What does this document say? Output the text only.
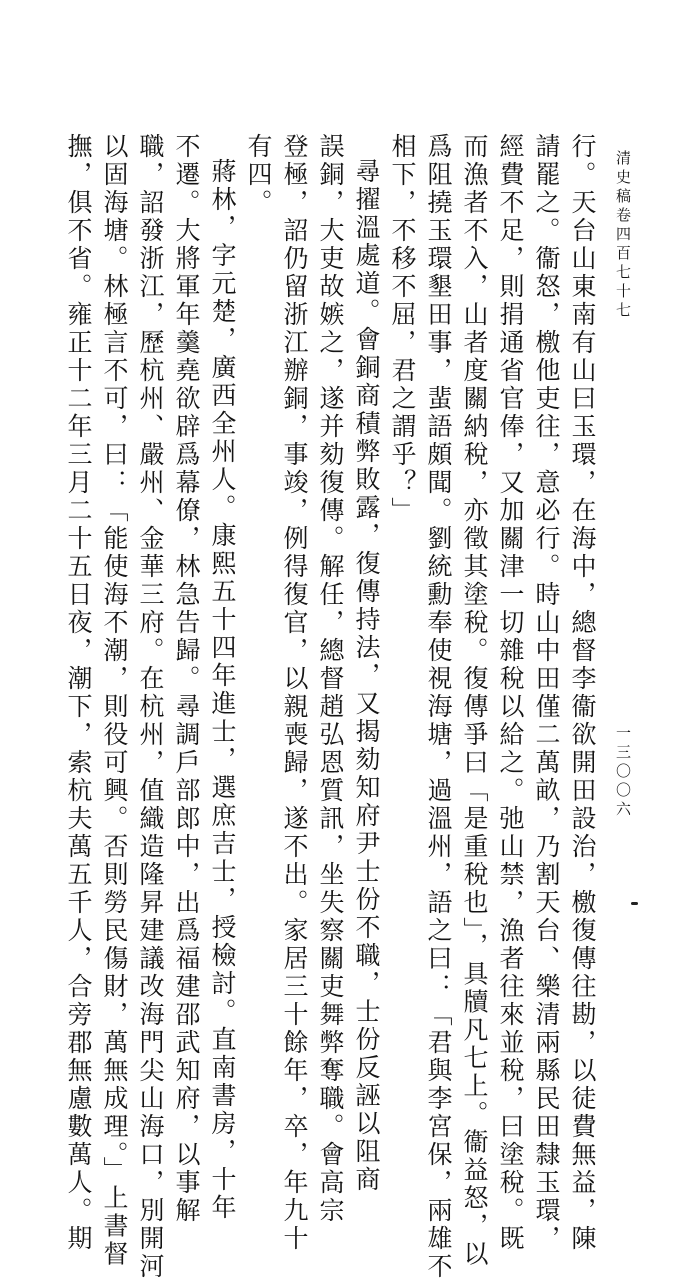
清史稿卷四百七十七
一三〇〇六
行。天台山東南有山曰玉環，在海中，總督李衞欲開田設治，檄復傳往勘，以徒費無益，陳
請罷之。衞怒，檄他吏往，意必行。時山中田僅二萬畝，乃割天台、樂清兩縣民田隸玉環，
經費不足，則捐通省官俸，又加關津一切雜稅以給之。弛山禁，漁者往來並稅，曰塗稅。既
而漁者不入，山者度關納稅，亦徵其塗稅。復傳爭曰「是重稅也」，具牘凡七上。衞益怒，以
爲阻撓玉環墾田事，蜚語頗聞。劉統勳奉使視海塘，過溫州，語之曰：「君與李宮保，兩雄不
相下，不移不屈，君之謂乎？」
尋擢溫處道。會銅商積弊敗露，復傳持法，又揭劾知府尹士份不職，士份反誣以阻商
誤銅，大吏故嫉之，遂并劾復傳。解任，總督趙弘恩質訊，坐失察關吏舞弊奪職。會高宗
登極，詔仍留浙江辦銅，事竣，例得復官，以親喪歸，遂不出。家居三十餘年，卒，年九十
有四。
蔣林，字元楚，廣西全州人。康熙五十四年進士，選庶吉士，授檢討。直南書房，十年
不遷。大將軍年羹堯欲辟爲幕僚，林急告歸。尋調戶部郎中，出爲福建邵武知府，以事解
職，詔發浙江，歷杭州、嚴州、金華三府。在杭州，值織造隆昇建議改海門尖山海口，別開河
以固海塘。林極言不可，曰：「能使海不潮，則役可興。否則勞民傷財，萬無成理。」上書督
撫，俱不省。雍正十二年三月二十五日夜，潮下，索杭夫萬五千人，合旁郡無慮數萬人。期
